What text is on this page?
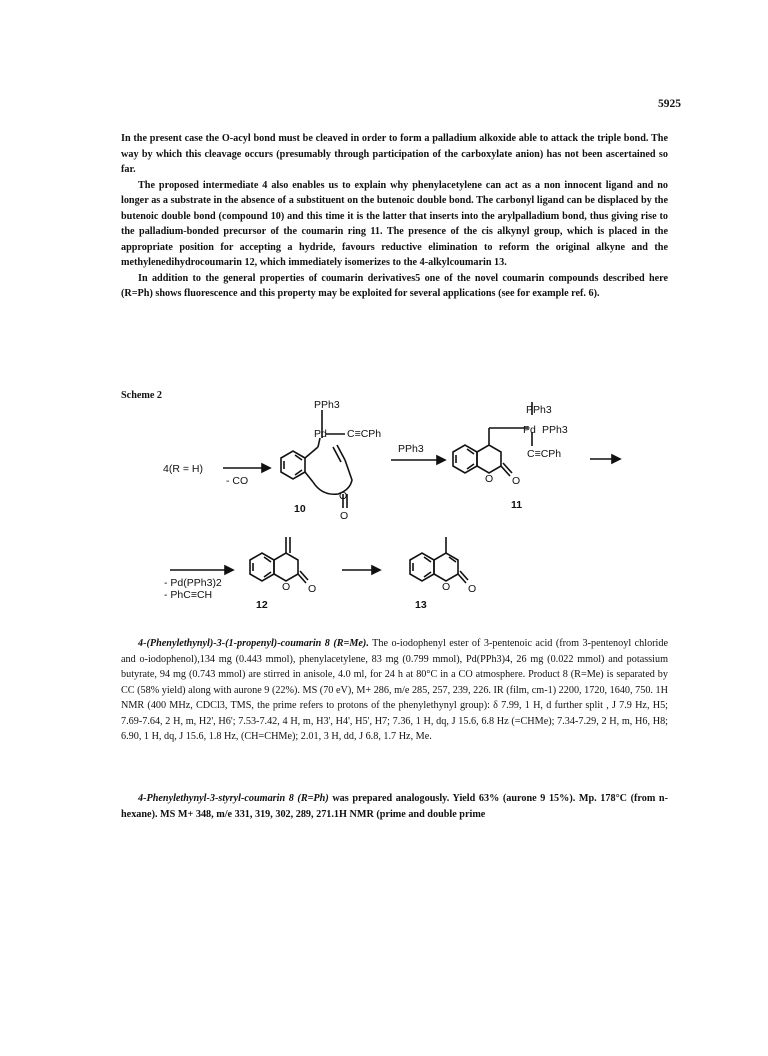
5925

In the present case the O-acyl bond must be cleaved in order to form a palladium alkoxide able to attack the triple bond. The way by which this cleavage occurs (presumably through participation of the carboxylate anion) has not been ascertained so far.

The proposed intermediate 4 also enables us to explain why phenylacetylene can act as a non innocent ligand and no longer as a substrate in the absence of a substituent on the butenoic double bond. The carbonyl ligand can be displaced by the butenoic double bond (compound 10) and this time it is the latter that inserts into the arylpalladium bond, thus giving rise to the palladium-bonded precursor of the coumarin ring 11. The presence of the cis alkynyl group, which is placed in the appropriate position for accepting a hydride, favours reductive elimination to reform the original alkyne and the methylenedihydrocoumarin 12, which immediately isomerizes to the 4-alkylcoumarin 13.

In addition to the general properties of coumarin derivatives5 one of the novel coumarin compounds described here (R=Ph) shows fluorescence and this property may be exploited for several applications (see for example ref. 6).

Scheme 2
4(R = H)
- CO
PPh3
PPh3
Pd C≡CPh
O
O
10
PPh3
Pd PPh3
C≡CPh
O O
11
- Pd(PPh3)2
- PhC≡CH
O O
12
O O
13

4-(Phenylethynyl)-3-(1-propenyl)-coumarin 8 (R=Me). The o-iodophenyl ester of 3-pentenoic acid (from 3-pentenoyl chloride and o-iodophenol),134 mg (0.443 mmol), phenylacetylene, 83 mg (0.799 mmol), Pd(PPh3)4, 26 mg (0.022 mmol) and potassium butyrate, 94 mg (0.743 mmol) are stirred in anisole, 4.0 ml, for 24 h at 80°C in a CO atmosphere. Product 8 (R=Me) is separated by CC (58% yield) along with aurone 9 (22%). MS (70 eV), M+ 286, m/e 285, 257, 239, 226. IR (film, cm-1) 2200, 1720, 1640, 750. 1H NMR (400 MHz, CDCl3, TMS, the prime refers to protons of the phenylethynyl group): δ 7.99, 1 H, d further split , J 7.9 Hz, H5; 7.69-7.64, 2 H, m, H2', H6'; 7.53-7.42, 4 H, m, H3', H4', H5', H7; 7.36, 1 H, dq, J 15.6, 6.8 Hz (=CHMe); 7.34-7.29, 2 H, m, H6, H8; 6.90, 1 H, dq, J 15.6, 1.8 Hz, (CH=CHMe); 2.01, 3 H, dd, J 6.8, 1.7 Hz, Me.

4-Phenylethynyl-3-styryl-coumarin 8 (R=Ph) was prepared analogously. Yield 63% (aurone 9 15%). Mp. 178°C (from n-hexane). MS M+ 348, m/e 331, 319, 302, 289, 271.1H NMR (prime and double prime
